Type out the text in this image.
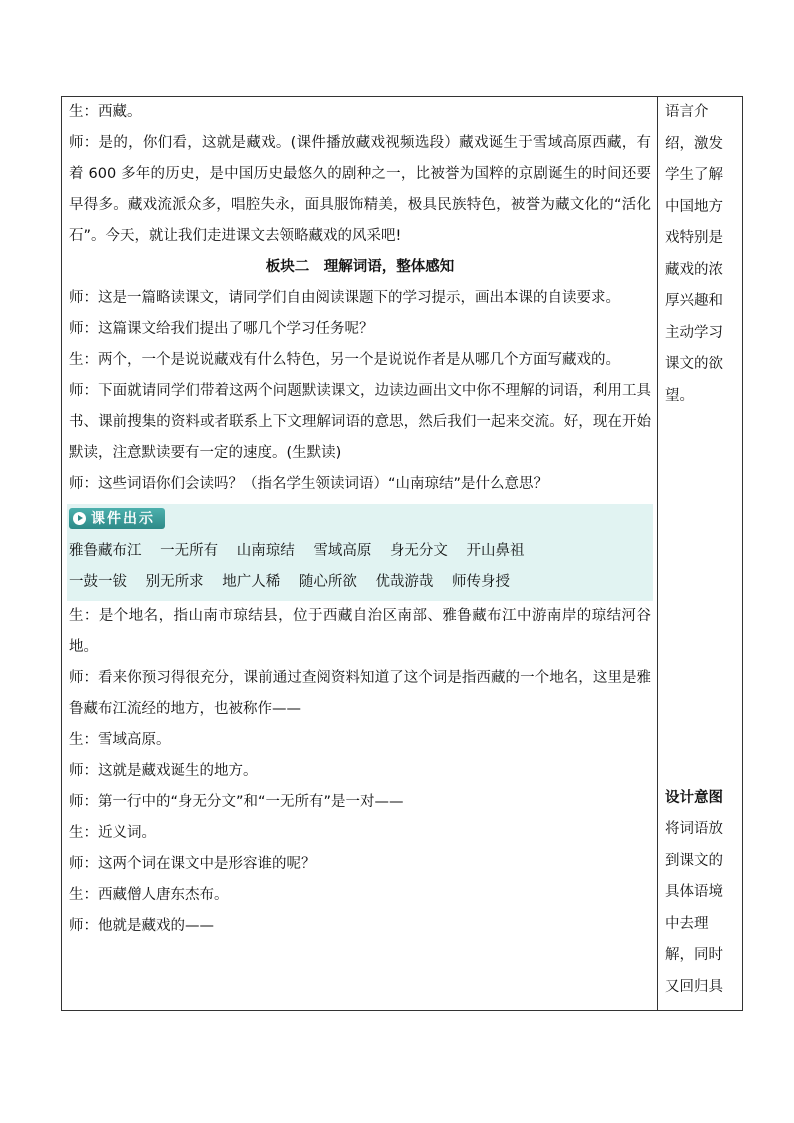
生：西藏。

师：是的，你们看，这就是藏戏。(课件播放藏戏视频选段）藏戏诞生于雪域高原西藏，有着 600 多年的历史，是中国历史最悠久的剧种之一，比被誉为国粹的京剧诞生的时间还要早得多。藏戏流派众多，唱腔失永，面具服饰精美，极具民族特色，被誉为藏文化的“活化石”。今天，就让我们走进课文去领略藏戏的风采吧!

板块二　理解词语，整体感知

师：这是一篇略读课文，请同学们自由阅读课题下的学习提示，画出本课的自读要求。

师：这篇课文给我们提出了哪几个学习任务呢？

生：两个，一个是说说藏戏有什么特色，另一个是说说作者是从哪几个方面写藏戏的。

师：下面就请同学们带着这两个问题默读课文，边读边画出文中你不理解的词语，利用工具书、课前搜集的资料或者联系上下文理解词语的意思，然后我们一起来交流。好，现在开始默读，注意默读要有一定的速度。(生默读)

师：这些词语你们会读吗？（指名学生领读词语）“山南琼结”是什么意思？

课件出示
雅鲁藏布江 一无所有 山南琼结 雪域高原 身无分文 开山鼻祖
一鼓一钹 别无所求 地广人稀 随心所欲 优哉游哉 师传身授

生：是个地名，指山南市琼结县，位于西藏自治区南部、雅鲁藏布江中游南岸的琼结河谷地。

师：看来你预习得很充分，课前通过查阅资料知道了这个词是指西藏的一个地名，这里是雅鲁藏布江流经的地方，也被称作——

生：雪域高原。

师：这就是藏戏诞生的地方。

师：第一行中的“身无分文”和“一无所有”是一对——

生：近义词。

师：这两个词在课文中是形容谁的呢？

生：西藏僧人唐东杰布。

师：他就是藏戏的——

语言介绍，激发学生了解中国地方戏特别是藏戏的浓厚兴趣和主动学习课文的欲望。

设计意图

将词语放到课文的具体语境中去理解，同时又回归具
